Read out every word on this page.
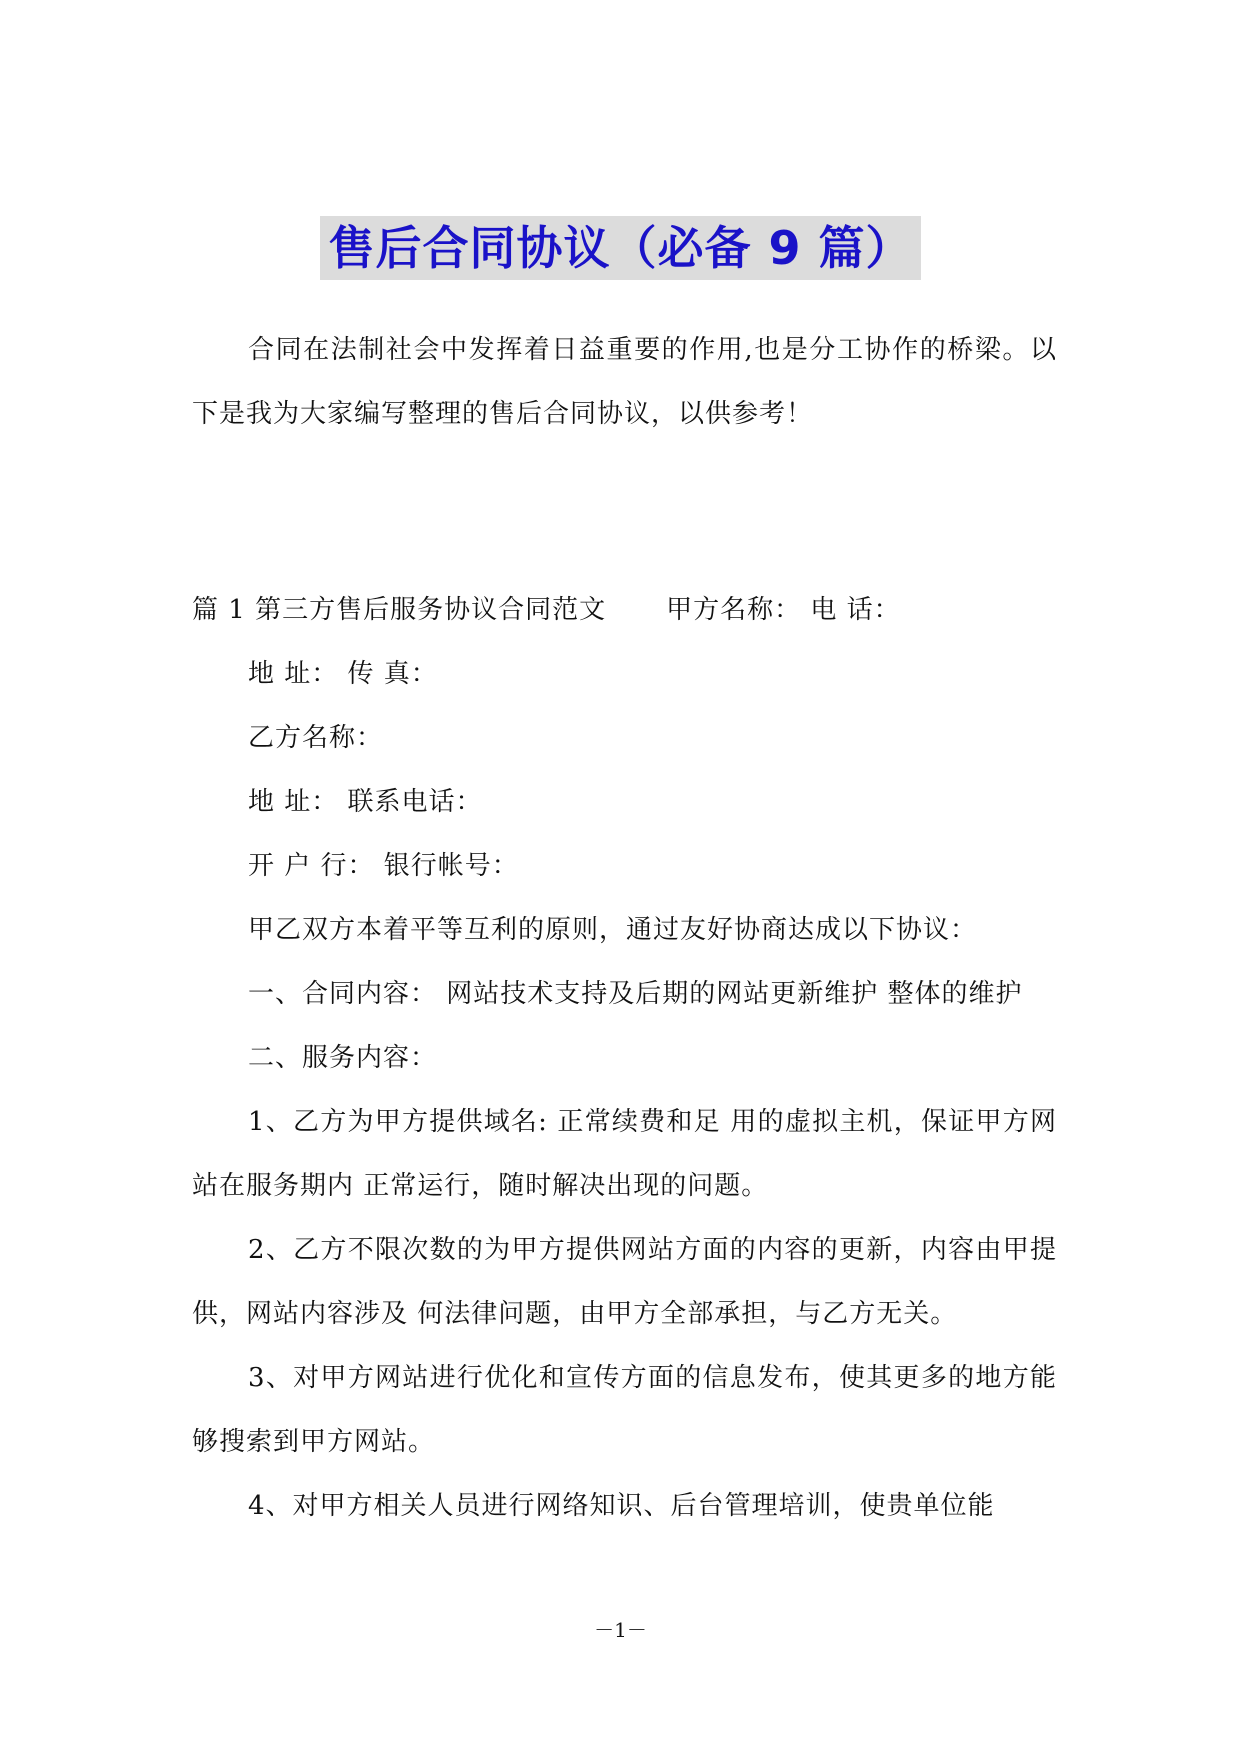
售后合同协议（必备 9 篇）

合同在法制社会中发挥着日益重要的作用,也是分工协作的桥梁。以下是我为大家编写整理的售后合同协议，以供参考！

篇 1 第三方售后服务协议合同范文 甲方名称： 电 话：

地 址： 传 真：

乙方名称：

地 址： 联系电话：

开 户 行： 银行帐号：

甲乙双方本着平等互利的原则，通过友好协商达成以下协议：

一、合同内容： 网站技术支持及后期的网站更新维护 整体的维护

二、服务内容：

1、乙方为甲方提供域名: 正常续费和足 用的虚拟主机，保证甲方网站在服务期内 正常运行，随时解决出现的问题。

2、乙方不限次数的为甲方提供网站方面的内容的更新，内容由甲提供，网站内容涉及 何法律问题，由甲方全部承担，与乙方无关。

3、对甲方网站进行优化和宣传方面的信息发布，使其更多的地方能够搜索到甲方网站。

4、对甲方相关人员进行网络知识、后台管理培训，使贵单位能

－1－
